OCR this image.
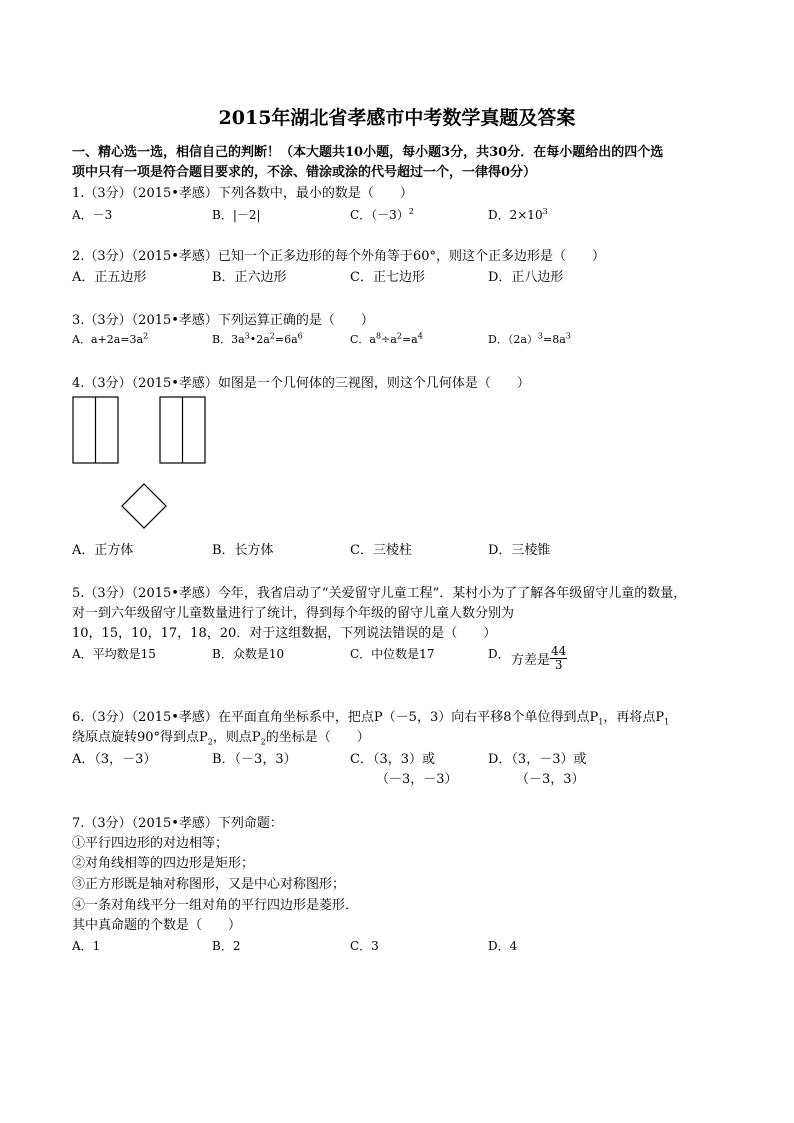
2015年湖北省孝感市中考数学真题及答案
一、精心选一选，相信自己的判断！（本大题共10小题，每小题3分，共30分．在每小题给出的四个选
项中只有一项是符合题目要求的，不涂、错涂或涂的代号超过一个，一律得0分）
1.（3分）（2015•孝感）下列各数中，最小的数是（　　）
A．－3	B．|－2|	C．$(-3)^2$	D．$2\times 10^3$
2.（3分）（2015•孝感）已知一个正多边形的每个外角等于60°，则这个正多边形是（　　）
A．正五边形	B．正六边形	C．正七边形	D．正八边形
3.（3分）（2015•孝感）下列运算正确的是（　　）
A．$a+2a=3a^2$	B．$3a^3•2a^2=6a^6$	C．$a^8\div a^2=a^4$	D．$(2a)^3=8a^3$
4.（3分）（2015•孝感）如图是一个几何体的三视图，则这个几何体是（　　）
A．正方体	B．长方体	C．三棱柱	D．三棱锥
5.（3分）（2015•孝感）今年，我省启动了“关爱留守儿童工程”．某村小为了了解各年级留守儿童的数量，
对一到六年级留守儿童数量进行了统计，得到每个年级的留守儿童人数分别为
10，15，10，17，18，20．对于这组数据，下列说法错误的是（　　）
A．平均数是15	B．众数是10	C．中位数是17	D． 方差是 $\frac{44}{3}$
6.（3分）（2015•孝感）在平面直角坐标系中，把点P（－5，3）向右平移8个单位得到点$P_1$，再将点$P_1$
绕原点旋转90°得到点$P_2$，则点$P_2$的坐标是（　　）
A．（3，－3）	B．（－3，3）	C．（3，3）或
（－3，－3）
D．（3，－3）或
（－3，3）
7.（3分）（2015•孝感）下列命题：
①平行四边形的对边相等；
②对角线相等的四边形是矩形；
③正方形既是轴对称图形，又是中心对称图形；
④一条对角线平分一组对角的平行四边形是菱形．
其中真命题的个数是（　　）
A．1	B．2	C．3	D．4
